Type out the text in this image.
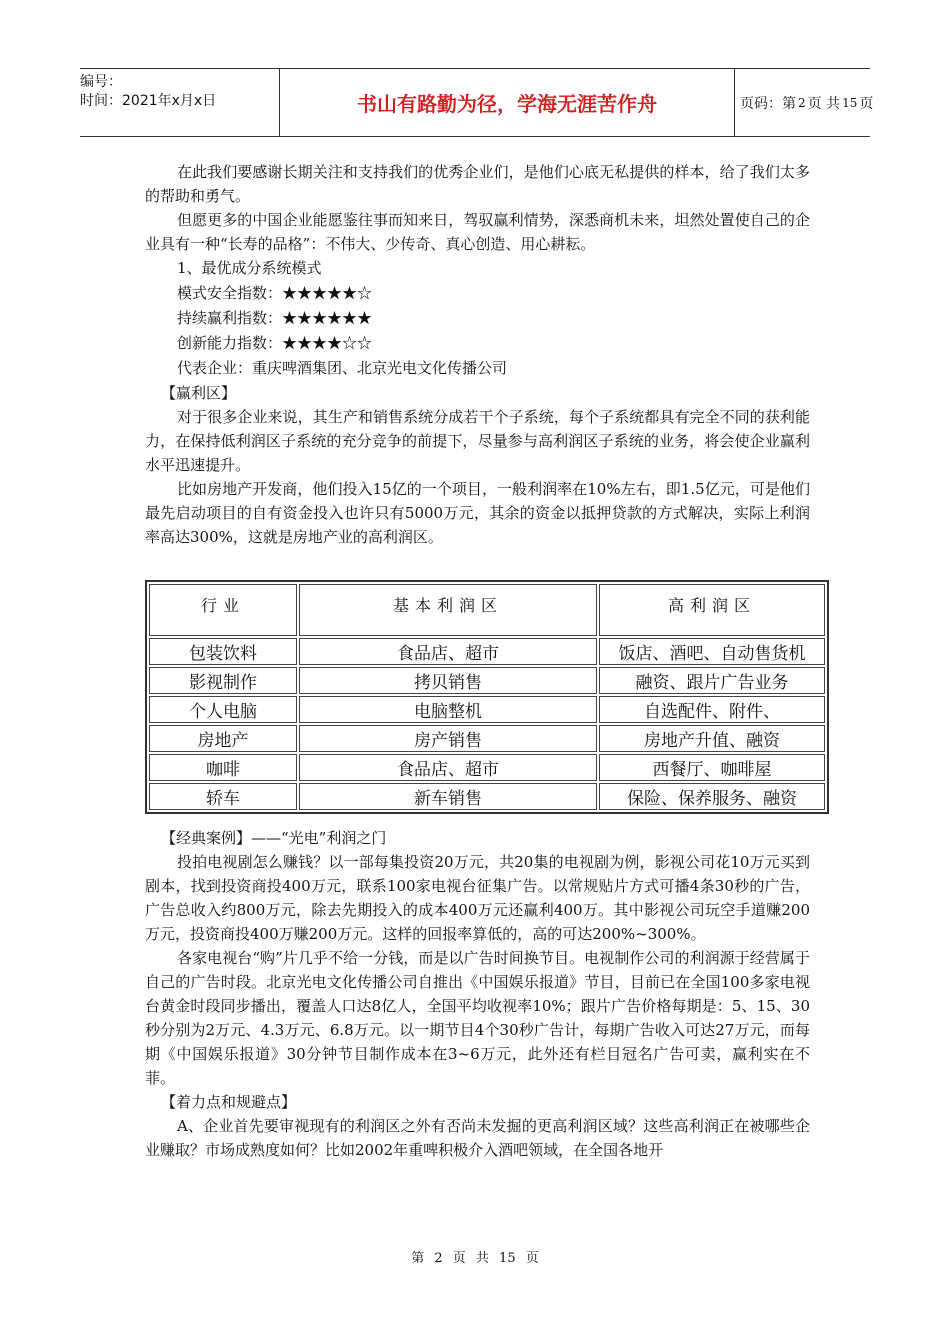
编号：
时间：2021年x月x日	书山有路勤为径，学海无涯苦作舟	页码：第 2 页 共 15 页

在此我们要感谢长期关注和支持我们的优秀企业们，是他们心底无私提供的样本，给了我们太多的帮助和勇气。

但愿更多的中国企业能愿鉴往事而知来日，驾驭赢利情势，深悉商机未来，坦然处置使自己的企业具有一种“长寿的品格”：不伟大、少传奇、真心创造、用心耕耘。

1、最优成分系统模式

模式安全指数：★★★★★☆

持续赢利指数：★★★★★★

创新能力指数：★★★★☆☆

代表企业：重庆啤酒集团、北京光电文化传播公司

【赢利区】

对于很多企业来说，其生产和销售系统分成若干个子系统，每个子系统都具有完全不同的获利能力，在保持低利润区子系统的充分竞争的前提下，尽量参与高利润区子系统的业务，将会使企业赢利水平迅速提升。

比如房地产开发商，他们投入15亿的一个项目，一般利润率在10%左右，即1.5亿元，可是他们最先启动项目的自有资金投入也许只有5000万元，其余的资金以抵押贷款的方式解决，实际上利润率高达300%，这就是房地产业的高利润区。

行业	基本利润区	高利润区
包装饮料	食品店、超市	饭店、酒吧、自动售货机
影视制作	拷贝销售	融资、跟片广告业务
个人电脑	电脑整机	自选配件、附件、
房地产	房产销售	房地产升值、融资
咖啡	食品店、超市	西餐厅、咖啡屋
轿车	新车销售	保险、保养服务、融资

【经典案例】——“光电”利润之门

投拍电视剧怎么赚钱？以一部每集投资20万元，共20集的电视剧为例，影视公司花10万元买到剧本，找到投资商投400万元，联系100家电视台征集广告。以常规贴片方式可播4条30秒的广告，广告总收入约800万元，除去先期投入的成本400万元还赢利400万。其中影视公司玩空手道赚200万元，投资商投400万赚200万元。这样的回报率算低的，高的可达200%~300%。

各家电视台“购”片几乎不给一分钱，而是以广告时间换节目。电视制作公司的利润源于经营属于自己的广告时段。北京光电文化传播公司自推出《中国娱乐报道》节目，目前已在全国100多家电视台黄金时段同步播出，覆盖人口达8亿人，全国平均收视率10%；跟片广告价格每期是：5、15、30秒分别为2万元、4.3万元、6.8万元。以一期节目4个30秒广告计，每期广告收入可达27万元，而每期《中国娱乐报道》30分钟节目制作成本在3~6万元，此外还有栏目冠名广告可卖，赢利实在不菲。

【着力点和规避点】

A、企业首先要审视现有的利润区之外有否尚未发掘的更高利润区域？这些高利润正在被哪些企业赚取？市场成熟度如何？比如2002年重啤积极介入酒吧领域，在全国各地开

第 2 页 共 15 页
